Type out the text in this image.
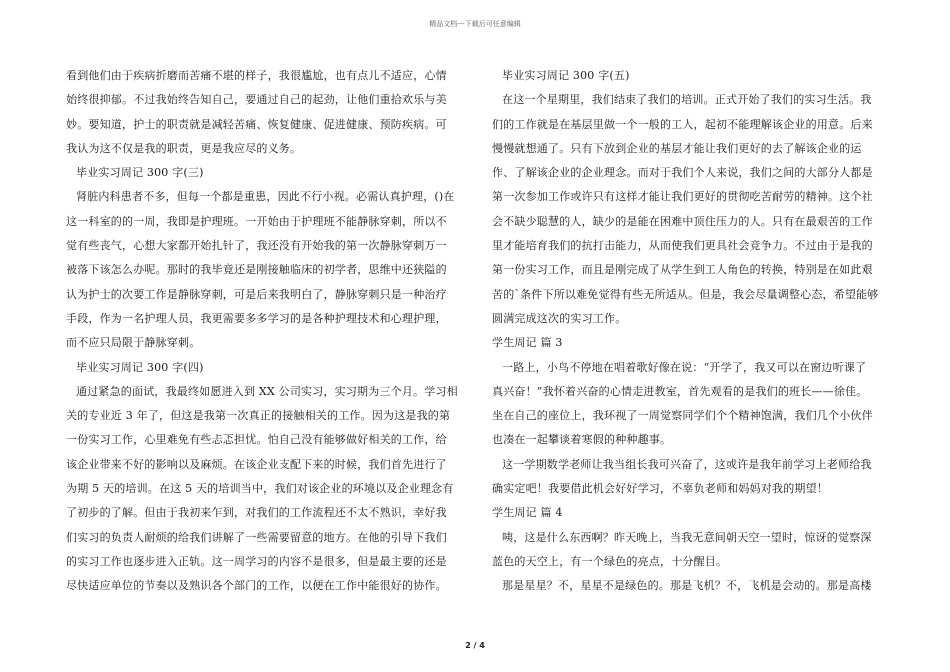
精品文档---下载后可任意编辑
看到他们由于疾病折磨而苦痛不堪的样子，我很尴尬，也有点儿不适应，心情
始终很抑郁。不过我始终告知自己，要通过自己的起劲，让他们重拾欢乐与美
妙。要知道，护士的职责就是减轻苦痛、恢复健康、促进健康、预防疾病。可
我认为这不仅是我的职责，更是我应尽的义务。
毕业实习周记 300 字(三)
肾脏内科患者不多，但每一个都是重患，因此不行小视。必需认真护理，()在
这一科室的的一周，我即是护理班。一开始由于护理班不能静脉穿刺，所以不
觉有些丧气，心想大家都开始扎针了，我还没有开始我的第一次静脉穿刺万一
被落下该怎么办呢。那时的我毕竟还是刚接触临床的初学者，思维中还狭隘的
认为护士的次要工作是静脉穿刺，可是后来我明白了，静脉穿刺只是一种治疗
手段，作为一名护理人员，我更需要多多学习的是各种护理技术和心理护理，
而不应只局限于静脉穿刺。
毕业实习周记 300 字(四)
通过紧急的面试，我最终如愿进入到 XX 公司实习，实习期为三个月。学习相
关的专业近 3 年了，但这是我第一次真正的接触相关的工作。因为这是我的第
一份实习工作，心里难免有些忐忑担忧。怕自己没有能够做好相关的工作，给
该企业带来不好的影响以及麻烦。在该企业支配下来的时候，我们首先进行了
为期 5 天的培训。在这 5 天的培训当中，我们对该企业的环境以及企业理念有
了初步的了解。但由于我初来乍到，对我们的工作流程还不太不熟识，幸好我
们实习的负责人耐烦的给我们讲解了一些需要留意的地方。在他的引导下我们
的实习工作也逐步进入正轨。这一周学习的内容不是很多，但是最主要的还是
尽快适应单位的节奏以及熟识各个部门的工作，以便在工作中能很好的协作。
毕业实习周记 300 字(五)
在这一个星期里，我们结束了我们的培训。正式开始了我们的实习生活。我
们的工作就是在基层里做一个一般的工人，起初不能理解该企业的用意。后来
慢慢就想通了。只有下放到企业的基层才能让我们更好的去了解该企业的运
作、了解该企业的企业理念。而对于我们个人来说，我们之间的大部分人都是
第一次参加工作或许只有这样才能让我们更好的贯彻吃苦耐劳的精神。这个社
会不缺少聪慧的人，缺少的是能在困难中顶住压力的人。只有在最艰苦的工作
里才能培育我们的抗打击能力，从而使我们更具社会竞争力。不过由于是我的
第一份实习工作，而且是刚完成了从学生到工人角色的转换，特别是在如此艰
苦的`条件下所以难免觉得有些无所适从。但是，我会尽量调整心态，希望能够
圆满完成这次的实习工作。
学生周记 篇 3
一路上，小鸟不停地在唱着歌好像在说：“开学了，我又可以在窗边听课了
真兴奋！”我怀着兴奋的心情走进教室，首先观看的是我们的班长——徐佳。
坐在自己的座位上，我环视了一周觉察同学们个个精神饱满，我们几个小伙伴
也凑在一起攀谈着寒假的种种趣事。
这一学期数学老师让我当组长我可兴奋了，这或许是我年前学习上老师给我
确实定吧！我要借此机会好好学习，不辜负老师和妈妈对我的期望！
学生周记 篇 4
咦，这是什么东西啊？昨天晚上，当我无意间朝天空一望时，惊讶的觉察深
蓝色的天空上，有一个绿色的亮点，十分醒目。
那是星星？不，星星不是绿色的。那是飞机？不，飞机是会动的。那是高楼
2 / 4
